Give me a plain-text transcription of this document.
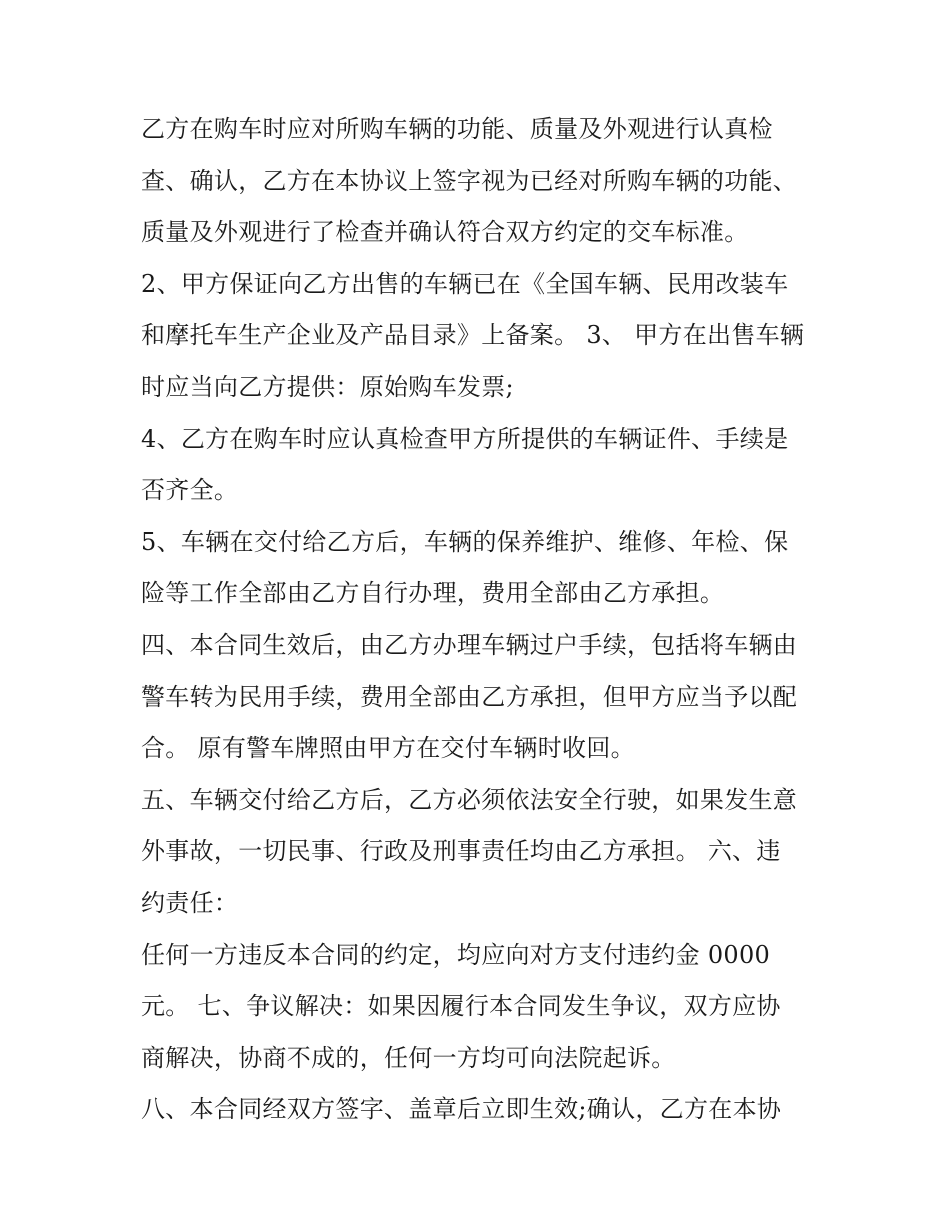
乙方在购车时应对所购车辆的功能、质量及外观进行认真检
查、确认，乙方在本协议上签字视为已经对所购车辆的功能、
质量及外观进行了检查并确认符合双方约定的交车标准。
2、甲方保证向乙方出售的车辆已在《全国车辆、民用改装车
和摩托车生产企业及产品目录》上备案。 3、 甲方在出售车辆
时应当向乙方提供：原始购车发票;
4、乙方在购车时应认真检查甲方所提供的车辆证件、手续是
否齐全。
5、车辆在交付给乙方后，车辆的保养维护、维修、年检、保
险等工作全部由乙方自行办理，费用全部由乙方承担。
四、本合同生效后，由乙方办理车辆过户手续，包括将车辆由
警车转为民用手续，费用全部由乙方承担，但甲方应当予以配
合。 原有警车牌照由甲方在交付车辆时收回。
五、车辆交付给乙方后，乙方必须依法安全行驶，如果发生意
外事故，一切民事、行政及刑事责任均由乙方承担。 六、违
约责任：
任何一方违反本合同的约定，均应向对方支付违约金 0000
元。 七、争议解决：如果因履行本合同发生争议，双方应协
商解决，协商不成的，任何一方均可向法院起诉。
八、本合同经双方签字、盖章后立即生效;确认，乙方在本协
